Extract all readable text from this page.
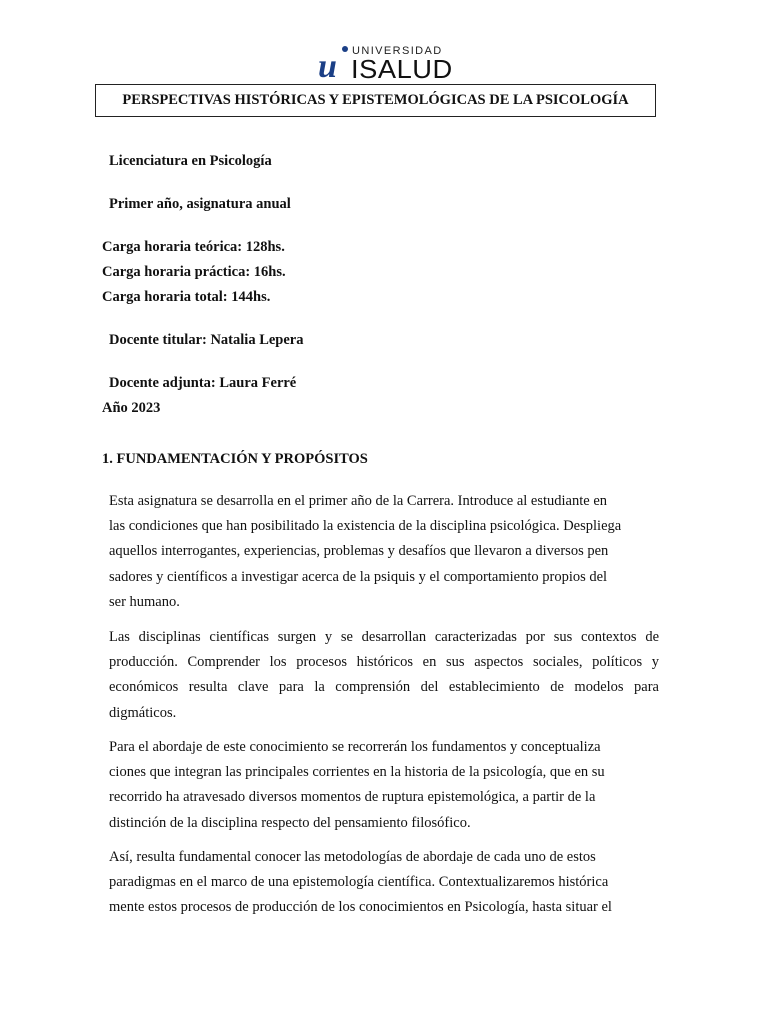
u UNIVERSIDAD
ISALUD
PERSPECTIVAS HISTÓRICAS Y EPISTEMOLÓGICAS DE LA PSICOLOGÍA
Licenciatura en Psicología
Primer año, asignatura anual
Carga horaria teórica: 128hs.
Carga horaria práctica: 16hs.
Carga horaria total: 144hs.
Docente titular: Natalia Lepera
Docente adjunta: Laura Ferré
Año 2023
1. FUNDAMENTACIÓN Y PROPÓSITOS
Esta asignatura se desarrolla en el primer año de la Carrera. Introduce al estudiante en
las condiciones que han posibilitado la existencia de la disciplina psicológica. Despliega
aquellos interrogantes, experiencias, problemas y desafíos que llevaron a diversos pen
sadores y científicos a investigar acerca de la psiquis y el comportamiento propios del
ser humano.
Las disciplinas científicas surgen y se desarrollan caracterizadas por sus contextos de
producción. Comprender los procesos históricos en sus aspectos sociales, políticos y
económicos resulta clave para la comprensión del establecimiento de modelos para
digmáticos.
Para el abordaje de este conocimiento se recorrerán los fundamentos y conceptualiza
ciones que integran las principales corrientes en la historia de la psicología, que en su
recorrido ha atravesado diversos momentos de ruptura epistemológica, a partir de la
distinción de la disciplina respecto del pensamiento filosófico.
Así, resulta fundamental conocer las metodologías de abordaje de cada uno de estos
paradigmas en el marco de una epistemología científica. Contextualizaremos histórica
mente estos procesos de producción de los conocimientos en Psicología, hasta situar el
